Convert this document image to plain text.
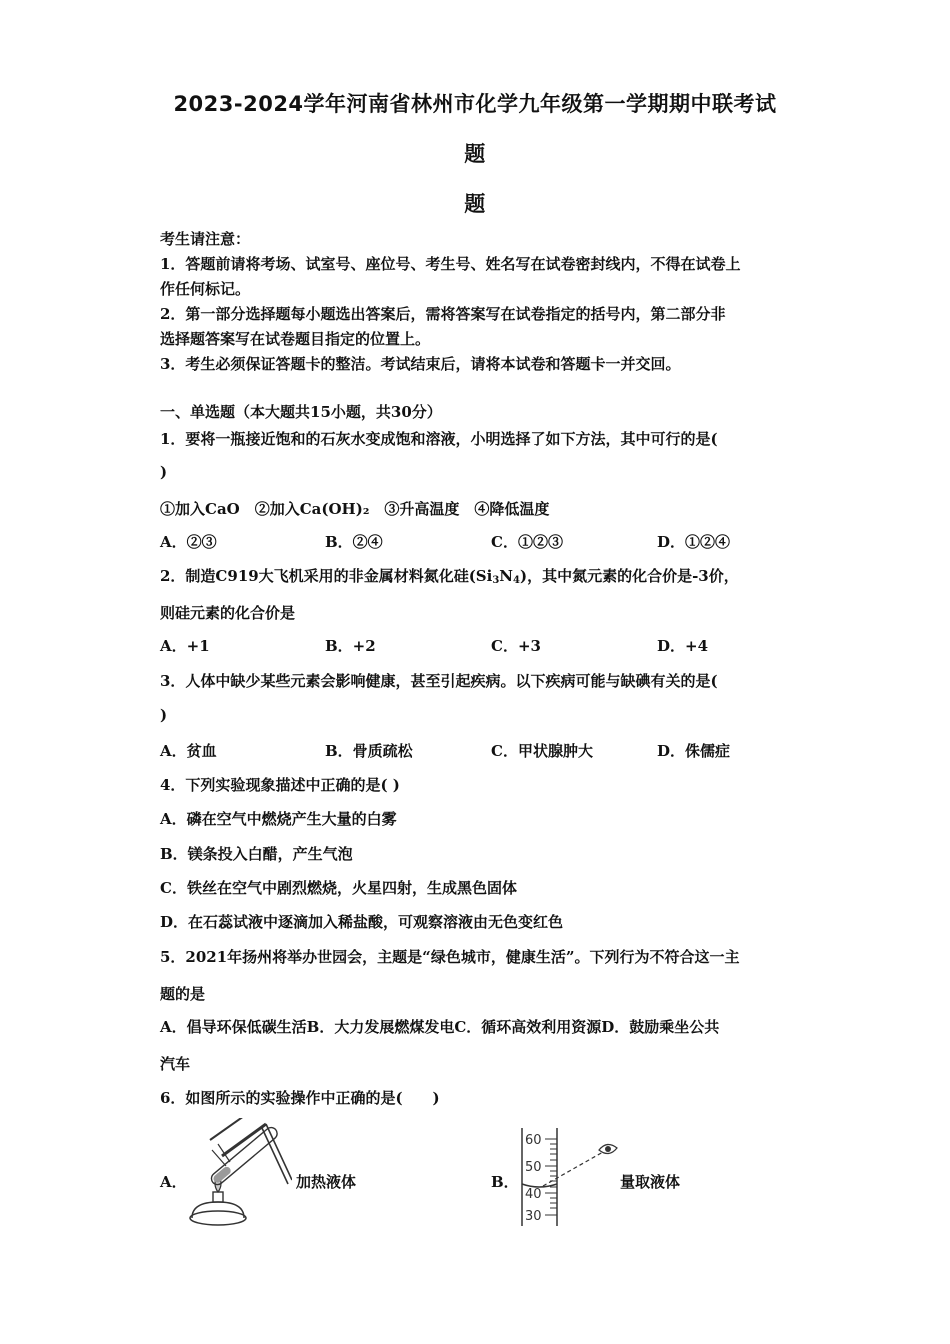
2023-2024学年河南省林州市化学九年级第一学期期中联考试
题
题
考生请注意：
1．答题前请将考场、试室号、座位号、考生号、姓名写在试卷密封线内，不得在试卷上
作任何标记。
2．第一部分选择题每小题选出答案后，需将答案写在试卷指定的括号内，第二部分非
选择题答案写在试卷题目指定的位置上。
3．考生必须保证答题卡的整洁。考试结束后，请将本试卷和答题卡一并交回。
一、单选题（本大题共15小题，共30分）
1．要将一瓶接近饱和的石灰水变成饱和溶液，小明选择了如下方法，其中可行的是(
)
①加入CaO　②加入Ca(OH)₂　③升高温度　④降低温度
A．②③	B．②④	C．①②③	D．①②④
2．制造C919大飞机采用的非金属材料氮化硅$(Si_3N_4)$，其中氮元素的化合价是-3价，
则硅元素的化合价是
A．+1	B．+2	C．+3	D．+4
3．人体中缺少某些元素会影响健康，甚至引起疾病。以下疾病可能与缺碘有关的是(
)
A．贫血	B．骨质疏松	C．甲状腺肿大	D．侏儒症
4．下列实验现象描述中正确的是( )
A．磷在空气中燃烧产生大量的白雾
B．镁条投入白醋，产生气泡
C．铁丝在空气中剧烈燃烧，火星四射，生成黑色固体
D．在石蕊试液中逐滴加入稀盐酸，可观察溶液由无色变红色
5．2021年扬州将举办世园会，主题是“绿色城市，健康生活”。下列行为不符合这一主
题的是
A．倡导环保低碳生活B．大力发展燃煤发电C．循环高效利用资源D．鼓励乘坐公共
汽车
6．如图所示的实验操作中正确的是(　　)
A．	加热液体	B．
60
50
40
30
量取液体
